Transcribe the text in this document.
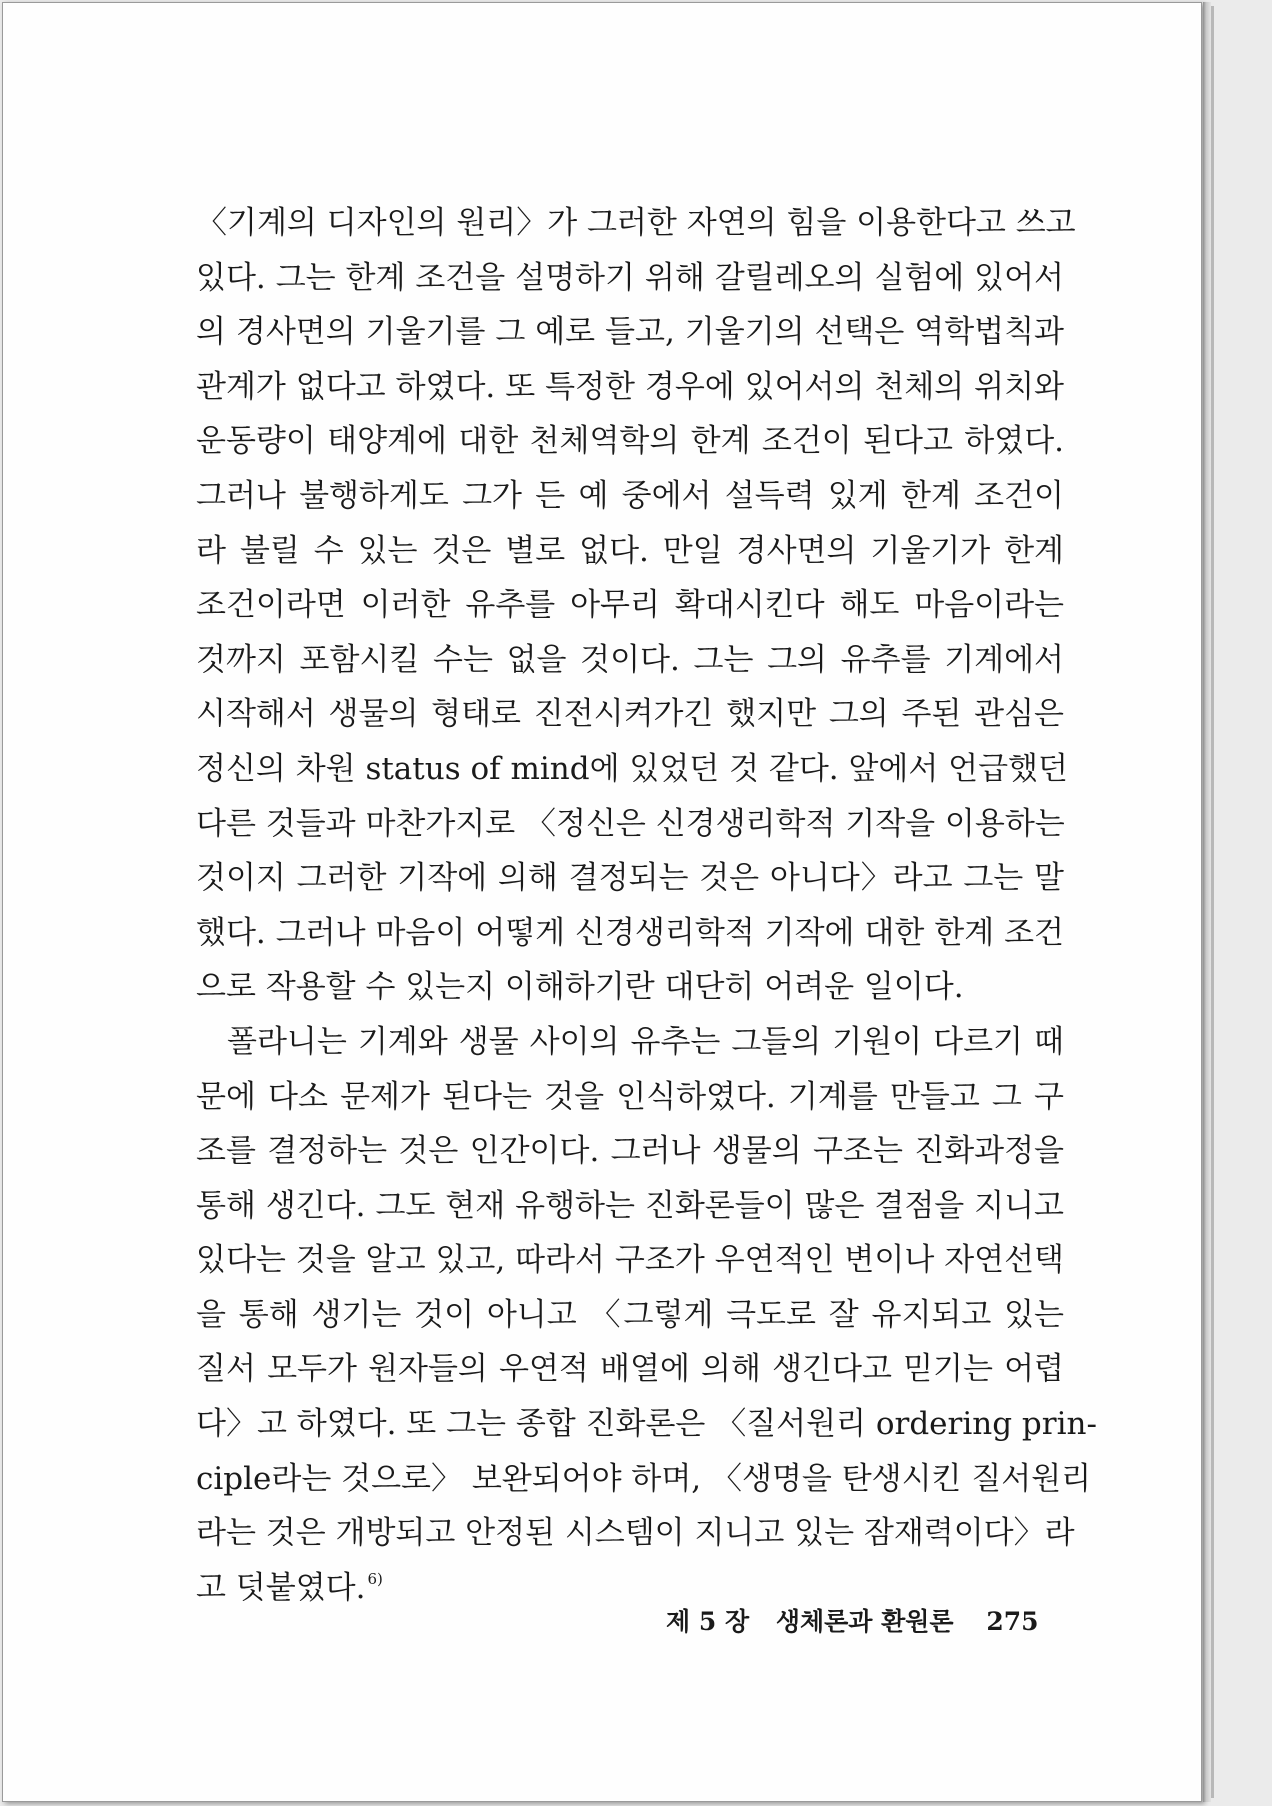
〈기계의 디자인의 원리〉가 그러한 자연의 힘을 이용한다고 쓰고
있다. 그는 한계 조건을 설명하기 위해 갈릴레오의 실험에 있어서
의 경사면의 기울기를 그 예로 들고, 기울기의 선택은 역학법칙과
관계가 없다고 하였다. 또 특정한 경우에 있어서의 천체의 위치와
운동량이 태양계에 대한 천체역학의 한계 조건이 된다고 하였다.
그러나 불행하게도 그가 든 예 중에서 설득력 있게 한계 조건이
라 불릴 수 있는 것은 별로 없다. 만일 경사면의 기울기가 한계
조건이라면 이러한 유추를 아무리 확대시킨다 해도 마음이라는
것까지 포함시킬 수는 없을 것이다. 그는 그의 유추를 기계에서
시작해서 생물의 형태로 진전시켜가긴 했지만 그의 주된 관심은
정신의 차원 status of mind에 있었던 것 같다. 앞에서 언급했던
다른 것들과 마찬가지로 〈정신은 신경생리학적 기작을 이용하는
것이지 그러한 기작에 의해 결정되는 것은 아니다〉라고 그는 말
했다. 그러나 마음이 어떻게 신경생리학적 기작에 대한 한계 조건
으로 작용할 수 있는지 이해하기란 대단히 어려운 일이다.
폴라니는 기계와 생물 사이의 유추는 그들의 기원이 다르기 때
문에 다소 문제가 된다는 것을 인식하였다. 기계를 만들고 그 구
조를 결정하는 것은 인간이다. 그러나 생물의 구조는 진화과정을
통해 생긴다. 그도 현재 유행하는 진화론들이 많은 결점을 지니고
있다는 것을 알고 있고, 따라서 구조가 우연적인 변이나 자연선택
을 통해 생기는 것이 아니고 〈그렇게 극도로 잘 유지되고 있는
질서 모두가 원자들의 우연적 배열에 의해 생긴다고 믿기는 어렵
다〉고 하였다. 또 그는 종합 진화론은 〈질서원리 ordering prin-
ciple라는 것으로〉 보완되어야 하며, 〈생명을 탄생시킨 질서원리
라는 것은 개방되고 안정된 시스템이 지니고 있는 잠재력이다〉라
고 덧붙였다. $^{6)}$
제 5 장 생체론과 환원론 275
